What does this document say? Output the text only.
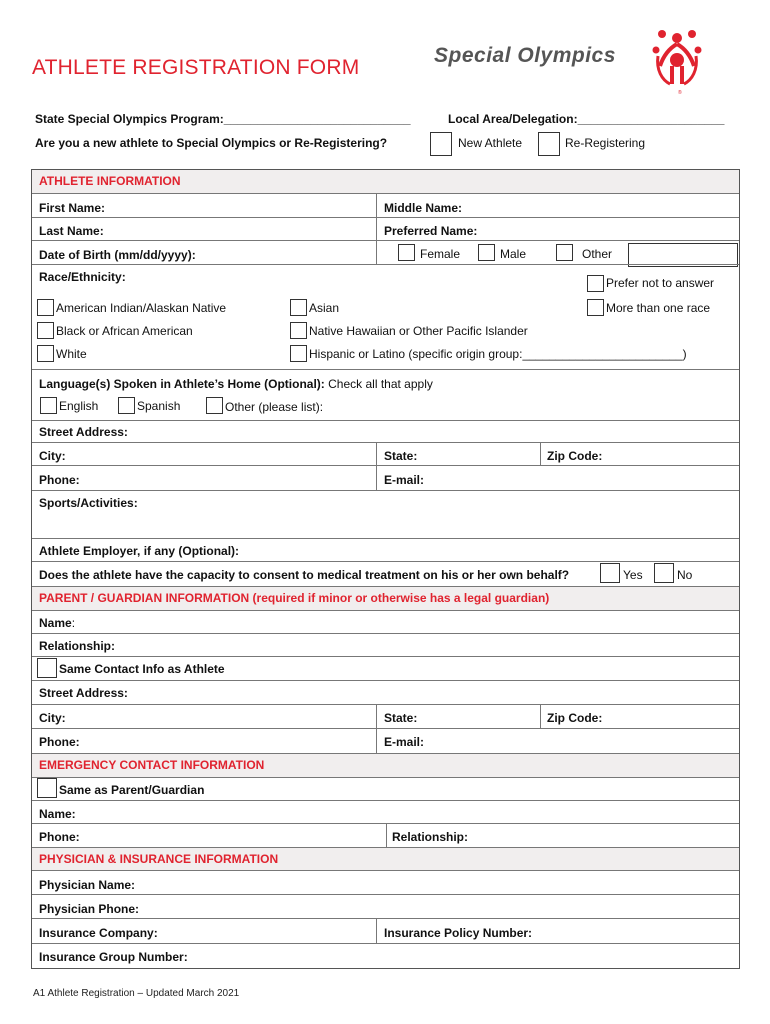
ATHLETE REGISTRATION FORM
Special Olympics
®
State Special Olympics Program:____________________________	Local Area/Delegation:______________________
Are you a new athlete to Special Olympics or Re-Registering?	New Athlete	Re-Registering
ATHLETE INFORMATION
First Name:	Middle Name:
Last Name:	Preferred Name:
Date of Birth (mm/dd/yyyy):	Female	Male	Other
Race/Ethnicity:	Prefer not to answer
American Indian/Alaskan Native	Asian	More than one race
Black or African American	Native Hawaiian or Other Pacific Islander
White	Hispanic or Latino (specific origin group:________________________)
Language(s) Spoken in Athlete’s Home (Optional): Check all that apply
English	Spanish	Other (please list):
Street Address:
City:	State:	Zip Code:
Phone:	E-mail:
Sports/Activities:
Athlete Employer, if any (Optional):
Does the athlete have the capacity to consent to medical treatment on his or her own behalf?	Yes	No
PARENT / GUARDIAN INFORMATION (required if minor or otherwise has a legal guardian)
Name:
Relationship:
Same Contact Info as Athlete
Street Address:
City:	State:	Zip Code:
Phone:	E-mail:
EMERGENCY CONTACT INFORMATION
Same as Parent/Guardian
Name:
Phone:	Relationship:
PHYSICIAN & INSURANCE INFORMATION
Physician Name:
Physician Phone:
Insurance Company:	Insurance Policy Number:
Insurance Group Number:
A1 Athlete Registration – Updated March 2021
